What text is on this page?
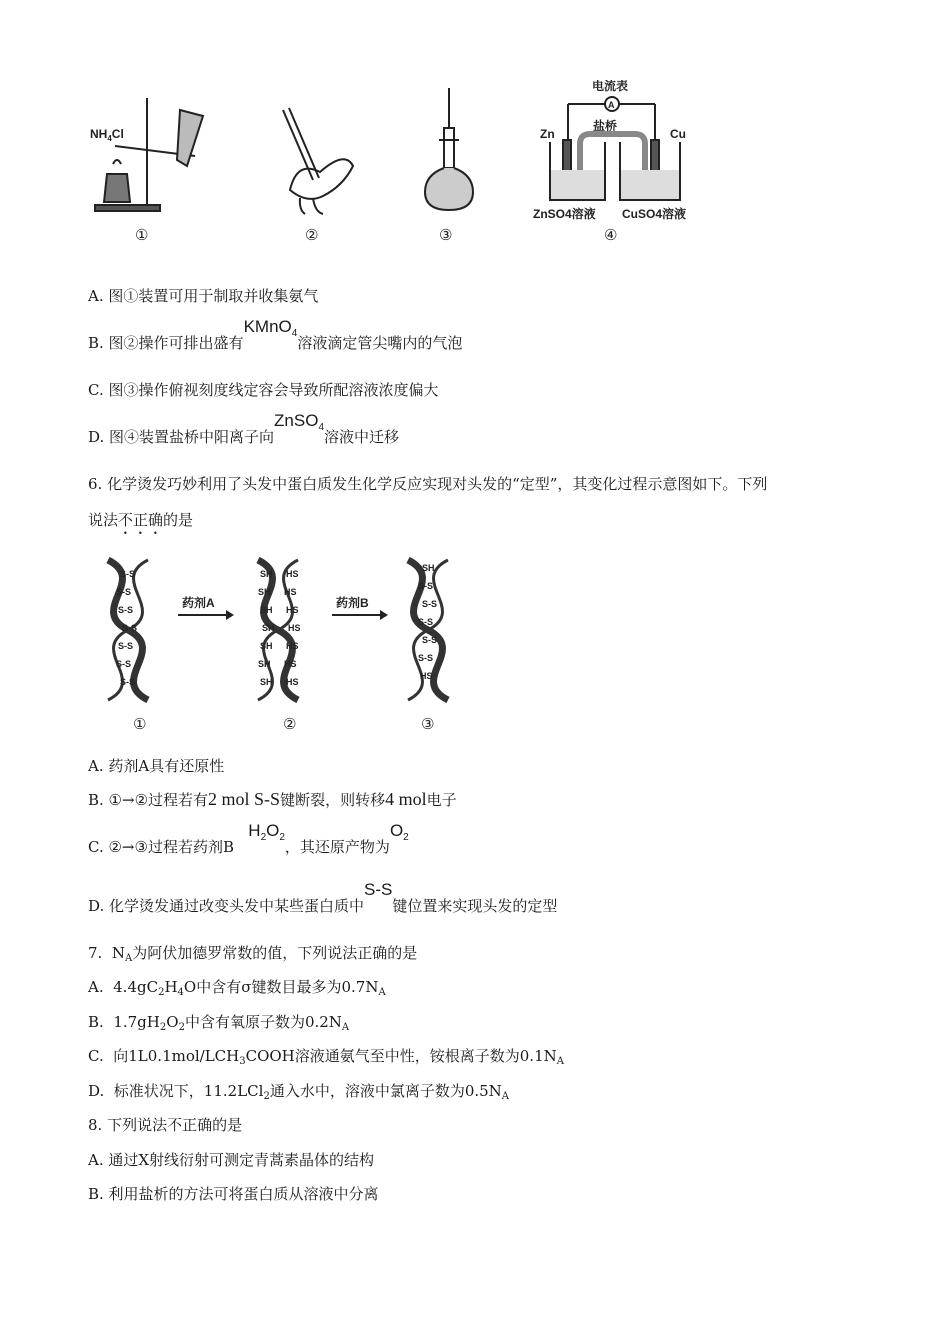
$NH_4Cl$
电流表
A
盐桥
Zn	Cu
ZnSO4溶液 CuSO4溶液
①	②	③	④
A. 图①装置可用于制取并收集氨气
B. 图②操作可排出盛有KMnO$_4$溶液滴定管尖嘴内的气泡
C. 图③操作俯视刻度线定容会导致所配溶液浓度偏大
D. 图④装置盐桥中阳离子向ZnSO$_4$溶液中迁移
6. 化学烫发巧妙利用了头发中蛋白质发生化学反应实现对头发的“定型”，其变化过程示意图如下。下列
说法不正确的是
S-S
S-S
S-S
S-S
S-S
S-S
S-S
药剂A
SH HS
SH HS
SH HS
SH HS
SH HS
SH HS
SH HS
药剂B
SH
S-S
S-S
S-S
S-S
S-S
HS
①	②	③
A. 药剂A具有还原性
B. ①→②过程若有2 mol S-S键断裂，则转移4 mol电子
C. ②→③过程若药剂B   $H_2O_2$，其还原产物为$O_2$
D. 化学烫发通过改变头发中某些蛋白质中S-S键位置来实现头发的定型
7.  $N_A$为阿伏加德罗常数的值，下列说法正确的是
A.  $4.4gC_2H_4O$中含有σ键数目最多为$0.7N_A$
B.  $1.7gH_2O_2$中含有氧原子数为$0.2N_A$
C.  向$1L0.1mol/LCH_3COOH$溶液通氨气至中性，铵根离子数为$0.1N_A$
D.  标准状况下，11.2LCl$_2$通入水中，溶液中氯离子数为$0.5N_A$
8. 下列说法不正确的是
A. 通过X射线衍射可测定青蒿素晶体的结构
B. 利用盐析的方法可将蛋白质从溶液中分离
